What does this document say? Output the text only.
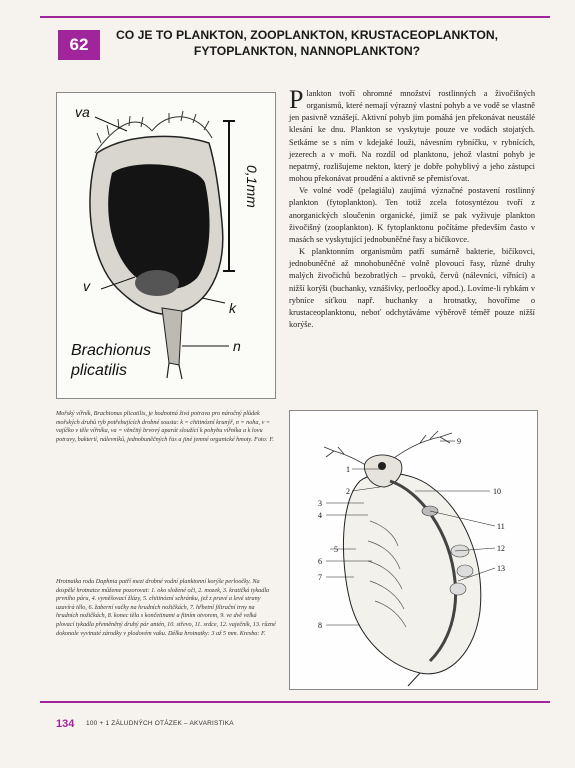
62	CO JE TO PLANKTON, ZOOPLANKTON, KRUSTACEOPLANKTON, FYTOPLANKTON, NANNOPLANKTON?
va
v
k
n
0,1mm
Brachionus
plicatilis

Plankton tvoří ohromné množství rostlinných a živočišných organismů, které nemají výrazný vlastní pohyb a ve vodě se vlastně jen pasivně vznášejí. Aktivní pohyb jim pomáhá jen překonávat neustálé klesání ke dnu. Plankton se vyskytuje pouze ve vodách stojatých. Setkáme se s ním v kdejaké louži, návesním rybníčku, v rybnících, jezerech a v moři. Na rozdíl od planktonu, jehož vlastní pohyb je nepatrný, rozlišujeme nekton, který je dobře pohyblivý a jeho zástupci mohou překonávat proudění a aktivně se přemisťovat.

Ve volné vodě (pelagiálu) zaujímá význačné postavení rostlinný plankton (fytoplankton). Ten totiž zcela fotosyntézou tvoří z anorganických sloučenin organické, jimiž se pak vyživuje plankton živočišný (zooplankton). K fytoplanktonu počítáme především často v masách se vyskytující jednobuněčné řasy a bičíkovce.

K planktonním organismům patří sumárně bakterie, bičíkovci, jednobuněčné až mnohobuněčné volně plovoucí řasy, různé druhy malých živočichů bezobratlých – prvoků, červů (nálevníci, vířníci) a nižší korýši (buchanky, vznášivky, perloočky apod.). Lovíme-li rybkám v rybníce síťkou např. buchanky a hrotnatky, hovoříme o krustaceoplanktonu, neboť odchytáváme výběrově téměř pouze nižší korýše.

Mořský vířník, Brachionus plicatilis, je hodnotná živá potrava pro náročný plůdek mořských druhů ryb potřebujících drobné sousta: k = chitinózní krunýř, n = noha, v = vajíčko v těle vířníka, va = věnčitý brvový aparát sloužící k pohybu vířníka a k lovu potravy, bakterií, nálevníků, jednobuněčných řas a jiné jemné organické hmoty. Foto: F.
Hrotnatka rodu Daphnia patří mezi drobné vodní planktonní korýše perloočky. Na dospělé hrotnatce můžeme pozorovat: 1. oko složené oči, 2. mozek, 3. kratičká tykadla prvního páru, 4. vyměšovací žlázy, 5. chitinózní schránku, jež z pravé a levé strany uzavírá tělo, 6. žaberní vačky na hrudních nožičkách, 7. hřbetní filtrační trny na hrudních nožičkách, 8. konec těla s končetinami a fitním otvorem, 9. ve dvě velká plovací tykadla přeměněný druhý pár antén, 10. střevo, 11. srdce, 12. vaječník, 13. různé dokonale vyvinuté zárodky v plodovém vaku. Délka hrotnatky: 3 až 5 mm. Kresba: F.
1
2
3
4
5
6
7
8
9
10
11
12
13
134 100 + 1 ZÁLUDNÝCH OTÁZEK – AKVARISTIKA
